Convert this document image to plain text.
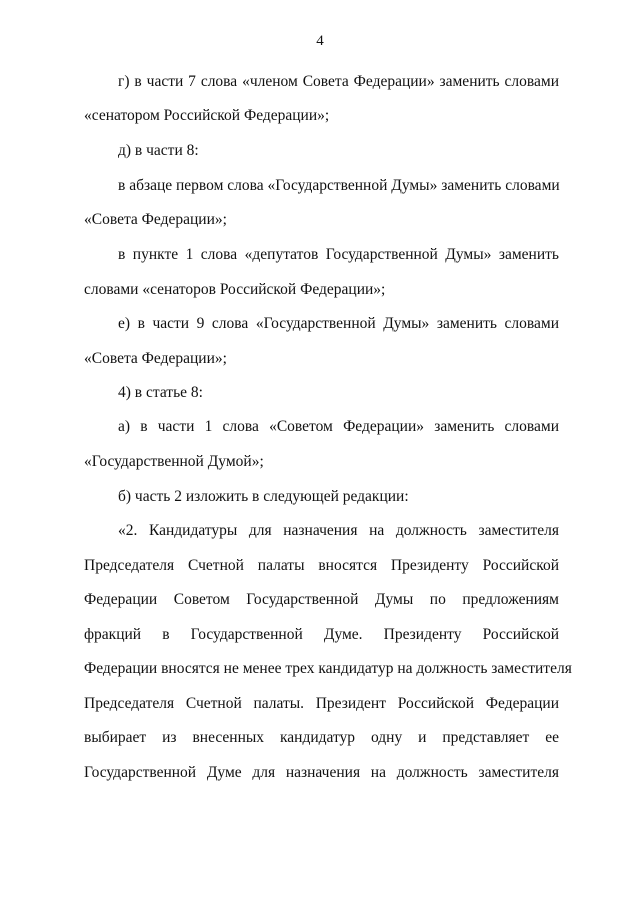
4
г) в части 7 слова «членом Совета Федерации» заменить словами
«сенатором Российской Федерации»;
д) в части 8:
в абзаце первом слова «Государственной Думы» заменить словами
«Совета Федерации»;
в пункте 1 слова «депутатов Государственной Думы» заменить
словами «сенаторов Российской Федерации»;
е) в части 9 слова «Государственной Думы» заменить словами
«Совета Федерации»;
4) в статье 8:
а) в части 1 слова «Советом Федерации» заменить словами
«Государственной Думой»;
б) часть 2 изложить в следующей редакции:
«2. Кандидатуры для назначения на должность заместителя
Председателя Счетной палаты вносятся Президенту Российской
Федерации Советом Государственной Думы по предложениям
фракций в Государственной Думе. Президенту Российской
Федерации вносятся не менее трех кандидатур на должность заместителя
Председателя Счетной палаты. Президент Российской Федерации
выбирает из внесенных кандидатур одну и представляет ее
Государственной Думе для назначения на должность заместителя
